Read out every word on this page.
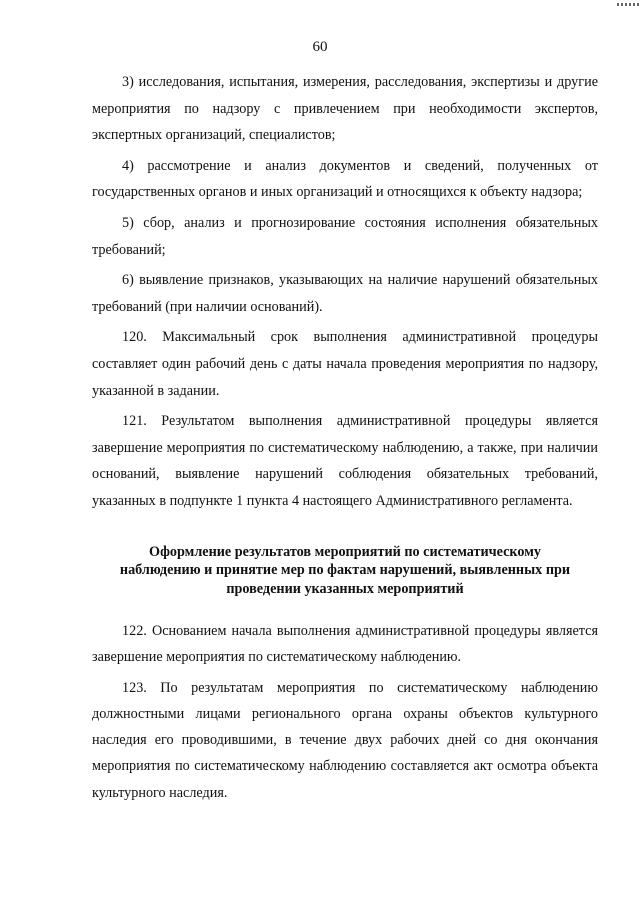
60

3) исследования, испытания, измерения, расследования, экспертизы и другие мероприятия по надзору с привлечением при необходимости экспертов, экспертных организаций, специалистов;

4) рассмотрение и анализ документов и сведений, полученных от государственных органов и иных организаций и относящихся к объекту надзора;

5) сбор, анализ и прогнозирование состояния исполнения обязательных требований;

6) выявление признаков, указывающих на наличие нарушений обязательных требований (при наличии оснований).

120. Максимальный срок выполнения административной процедуры составляет один рабочий день с даты начала проведения мероприятия по надзору, указанной в задании.

121. Результатом выполнения административной процедуры является завершение мероприятия по систематическому наблюдению, а также, при наличии оснований, выявление нарушений соблюдения обязательных требований, указанных в подпункте 1 пункта 4 настоящего Административного регламента.

Оформление результатов мероприятий по систематическому
наблюдению и принятие мер по фактам нарушений, выявленных при
проведении указанных мероприятий

122. Основанием начала выполнения административной процедуры является завершение мероприятия по систематическому наблюдению.

123. По результатам мероприятия по систематическому наблюдению должностными лицами регионального органа охраны объектов культурного наследия его проводившими, в течение двух рабочих дней со дня окончания мероприятия по систематическому наблюдению составляется акт осмотра объекта культурного наследия.
